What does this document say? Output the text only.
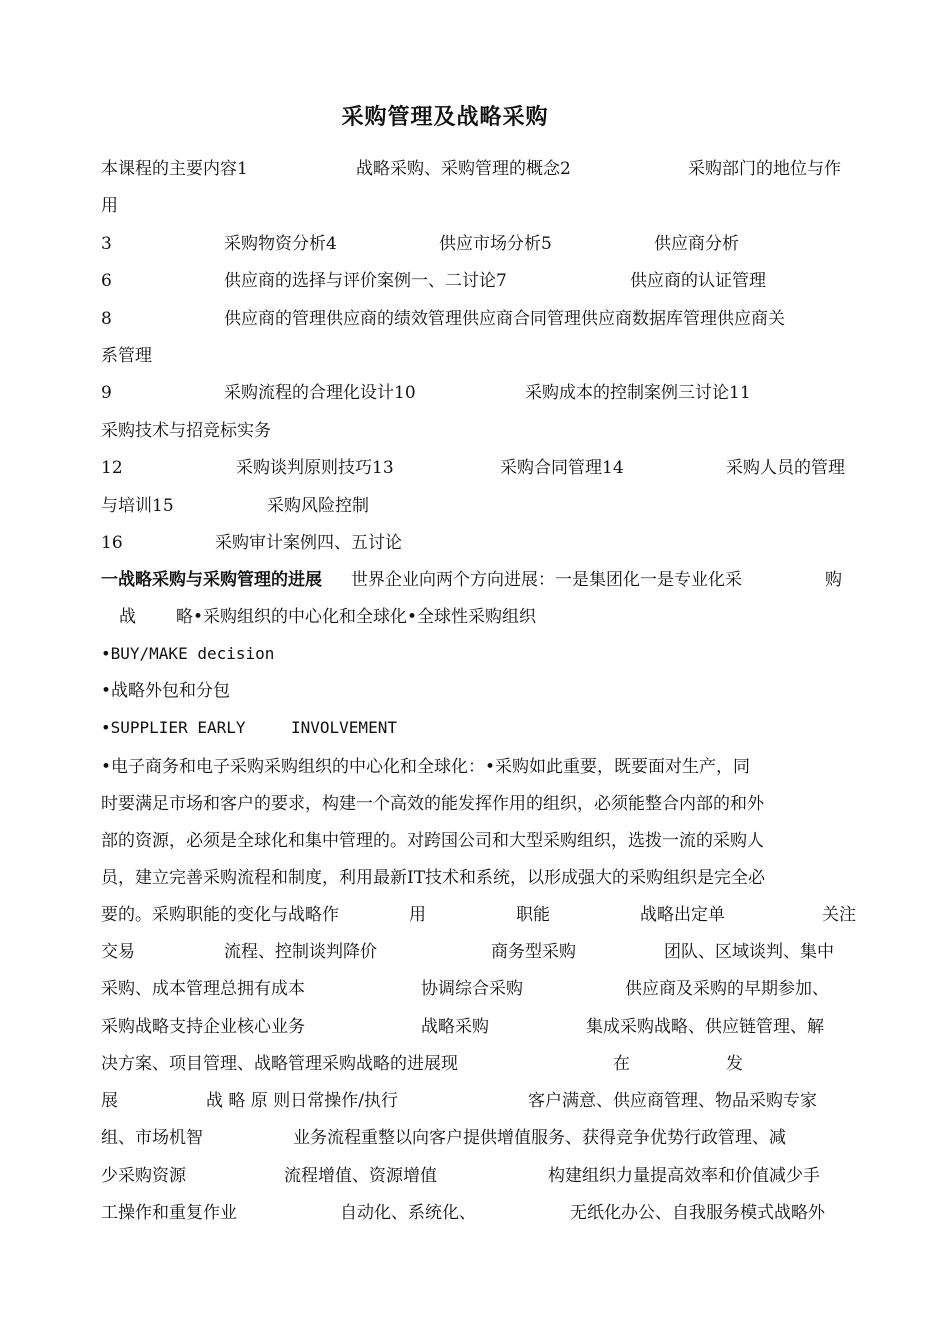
采购管理及战略采购
本课程的主要内容1	战略采购、采购管理的概念2	采购部门的地位与作
用
3	采购物资分析4	供应市场分析5	供应商分析
6	供应商的选择与评价案例一、二讨论7	供应商的认证管理
8	供应商的管理供应商的绩效管理供应商合同管理供应商数据库管理供应商关
系管理
9	采购流程的合理化设计10	采购成本的控制案例三讨论11
采购技术与招竞标实务
12	采购谈判原则技巧13	采购合同管理14	采购人员的管理
与培训15	采购风险控制
16	采购审计案例四、五讨论
一战略采购与采购管理的进展 世界企业向两个方向进展：一是集团化一是专业化采	购
战 略•采购组织的中心化和全球化•全球性采购组织
•BUY/MAKE decision
•战略外包和分包
•SUPPLIER EARLY	INVOLVEMENT
•电子商务和电子采购采购组织的中心化和全球化：•采购如此重要，既要面对生产，同
时要满足市场和客户的要求，构建一个高效的能发挥作用的组织，必须能整合内部的和外
部的资源，必须是全球化和集中管理的。对跨国公司和大型采购组织，选拨一流的采购人
员，建立完善采购流程和制度，利用最新IT技术和系统，以形成强大的采购组织是完全必
要的。采购职能的变化与战略作	用	职能	战略出定单	关注
交易	流程、控制谈判降价	商务型采购	团队、区域谈判、集中
采购、成本管理总拥有成本	协调综合采购	供应商及采购的早期参加、
采购战略支持企业核心业务	战略采购	集成采购战略、供应链管理、解
决方案、项目管理、战略管理采购战略的进展现	在	发
展	战 略 原 则日常操作/执行	客户满意、供应商管理、物品采购专家
组、市场机智	业务流程重整以向客户提供增值服务、获得竞争优势行政管理、减
少采购资源	流程增值、资源增值	构建组织力量提高效率和价值减少手
工操作和重复作业	自动化、系统化、	无纸化办公、自我服务模式战略外
